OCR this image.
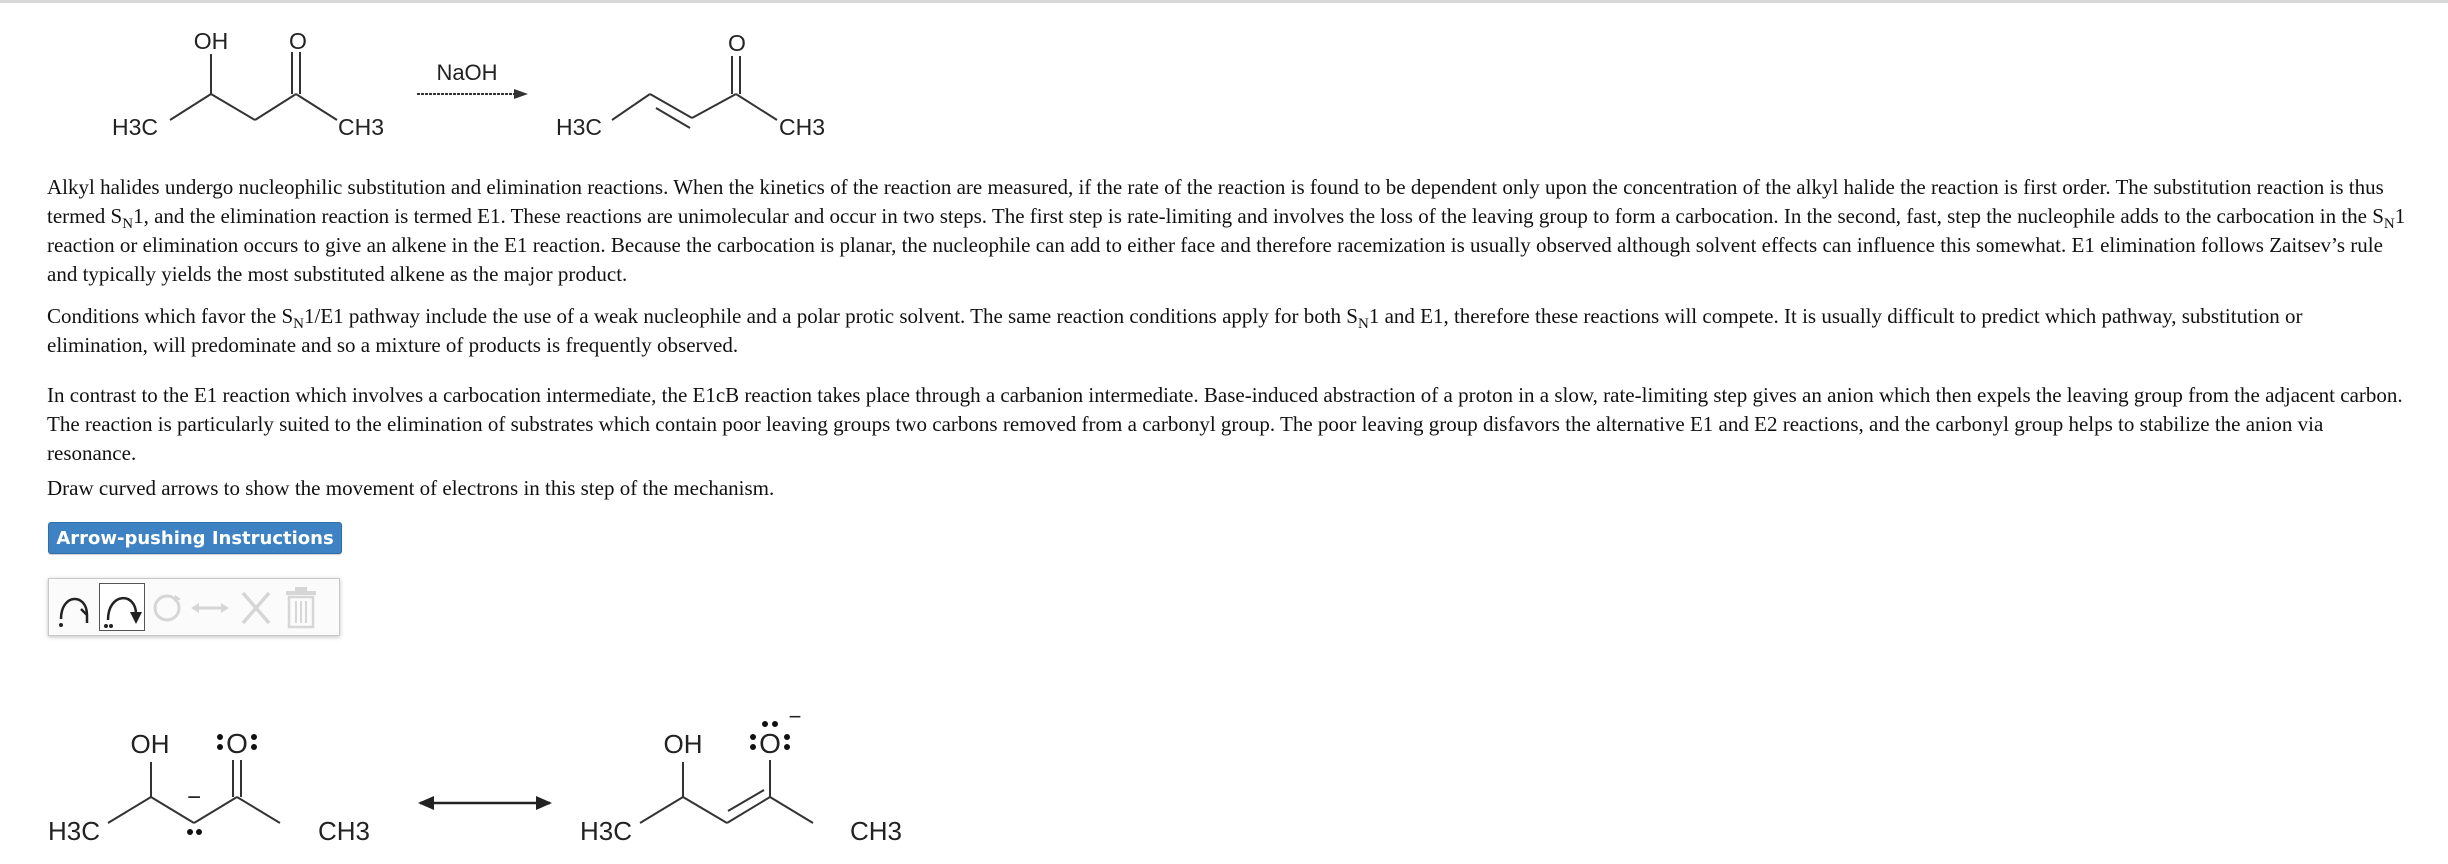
OH	O
H3C	CH3
NaOH
O
H3C	CH3

Alkyl halides undergo nucleophilic substitution and elimination reactions. When the kinetics of the reaction are measured, if the rate of the reaction is found to be dependent only upon the concentration of the alkyl halide the reaction is first order. The substitution reaction is thus termed $S_N1$, and the elimination reaction is termed E1. These reactions are unimolecular and occur in two steps. The first step is rate-limiting and involves the loss of the leaving group to form a carbocation. In the second, fast, step the nucleophile adds to the carbocation in the $S_N1$ reaction or elimination occurs to give an alkene in the E1 reaction. Because the carbocation is planar, the nucleophile can add to either face and therefore racemization is usually observed although solvent effects can influence this somewhat. E1 elimination follows Zaitsev’s rule and typically yields the most substituted alkene as the major product.

Conditions which favor the $S_N1/E1$ pathway include the use of a weak nucleophile and a polar protic solvent. The same reaction conditions apply for both $S_N1$ and E1, therefore these reactions will compete. It is usually difficult to predict which pathway, substitution or elimination, will predominate and so a mixture of products is frequently observed.

In contrast to the E1 reaction which involves a carbocation intermediate, the E1cB reaction takes place through a carbanion intermediate. Base-induced abstraction of a proton in a slow, rate-limiting step gives an anion which then expels the leaving group from the adjacent carbon. The reaction is particularly suited to the elimination of substrates which contain poor leaving groups two carbons removed from a carbonyl group. The poor leaving group disfavors the alternative E1 and E2 reactions, and the carbonyl group helps to stabilize the anion via resonance.

Draw curved arrows to show the movement of electrons in this step of the mechanism.

Arrow-pushing Instructions
OH O
−
H3C	CH3
OH O
−
H3C	CH3
